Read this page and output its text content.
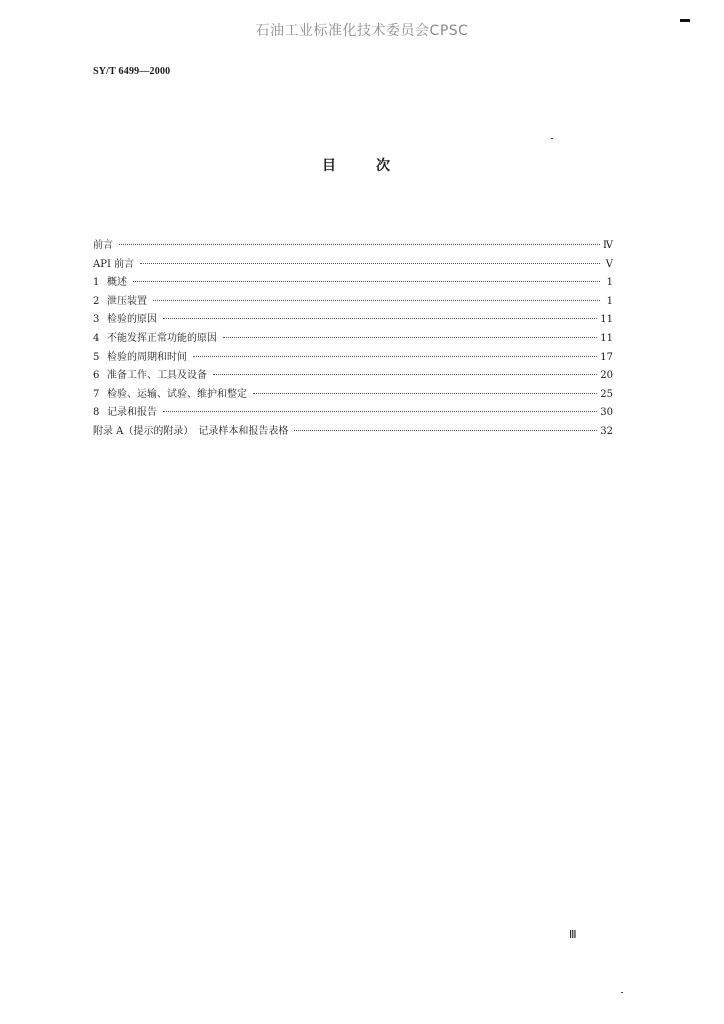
石油工业标准化技术委员会CPSC
SY/T 6499—2000
目次
前言	Ⅳ
API 前言	Ⅴ
1 概述	1
2 泄压装置	1
3 检验的原因	11
4 不能发挥正常功能的原因	11
5 检验的周期和时间	17
6 准备工作、工具及设备	20
7 检验、运输、试验、维护和整定	25
8 记录和报告	30
附录 A（提示的附录）　记录样本和报告表格	32
Ⅲ
